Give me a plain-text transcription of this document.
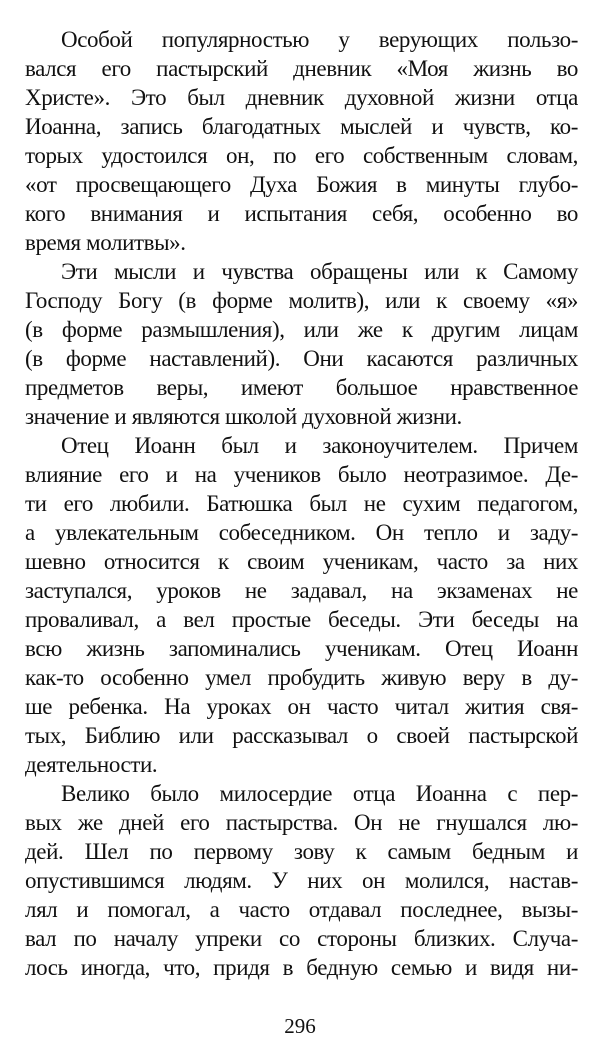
Особой популярностью у верующих пользо-
вался его пастырский дневник «Моя жизнь во
Христе». Это был дневник духовной жизни отца
Иоанна, запись благодатных мыслей и чувств, ко-
торых удостоился он, по его собственным словам,
«от просвещающего Духа Божия в минуты глубо-
кого внимания и испытания себя, особенно во
время молитвы».
Эти мысли и чувства обращены или к Самому
Господу Богу (в форме молитв), или к своему «я»
(в форме размышления), или же к другим лицам
(в форме наставлений). Они касаются различных
предметов веры, имеют большое нравственное
значение и являются школой духовной жизни.
Отец Иоанн был и законоучителем. Причем
влияние его и на учеников было неотразимое. Де-
ти его любили. Батюшка был не сухим педагогом,
а увлекательным собеседником. Он тепло и заду-
шевно относится к своим ученикам, часто за них
заступался, уроков не задавал, на экзаменах не
проваливал, а вел простые беседы. Эти беседы на
всю жизнь запоминались ученикам. Отец Иоанн
как-то особенно умел пробудить живую веру в ду-
ше ребенка. На уроках он часто читал жития свя-
тых, Библию или рассказывал о своей пастырской
деятельности.
Велико было милосердие отца Иоанна с пер-
вых же дней его пастырства. Он не гнушался лю-
дей. Шел по первому зову к самым бедным и
опустившимся людям. У них он молился, настав-
лял и помогал, а часто отдавал последнее, вызы-
вал по началу упреки со стороны близких. Случа-
лось иногда, что, придя в бедную семью и видя ни-
296
